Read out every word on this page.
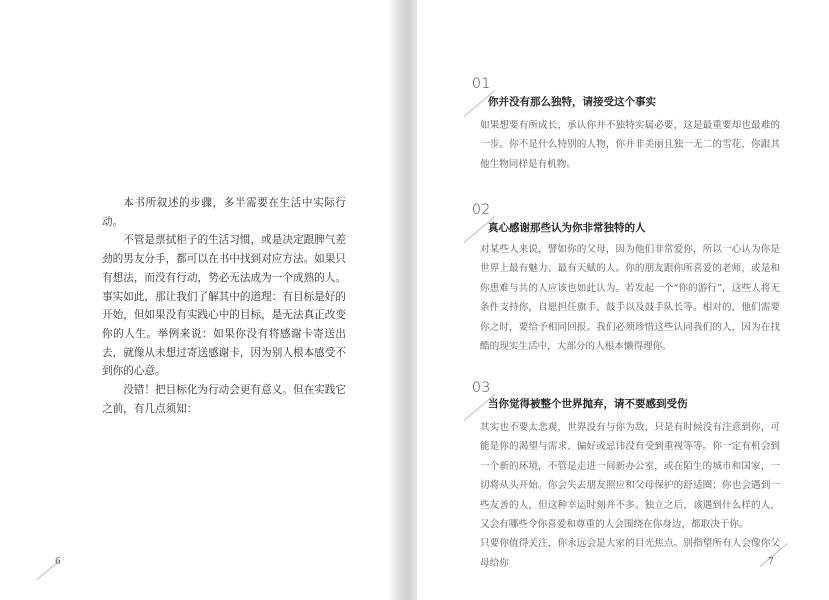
本书所叙述的步骤，多半需要在生活中实际行动。

不管是票拭柜子的生活习惯，或是决定跟脾气差劲的男友分手，都可以在书中找到对应方法。如果只有想法，而没有行动，势必无法成为一个成熟的人。事实如此，那让我们了解其中的道理：有目标是好的开始，但如果没有实践心中的目标，是无法真正改变你的人生。举例来说：如果你没有将感谢卡寄送出去，就像从未想过寄送感谢卡，因为别人根本感受不到你的心意。

没错！把目标化为行动会更有意义。但在实践它之前，有几点须知：

6
01
你并没有那么独特，请接受这个事实

如果想要有所成长，承认你并不独特实属必要，这是最重要却也最难的一步。你不是什么特别的人物，你并非美丽且独一无二的雪花，你跟其他生物同样是有机物。

02
真心感谢那些认为你非常独特的人

对某些人来说，譬如你的父母，因为他们非常爱你，所以一心认为你是世界上最有魅力、最有天赋的人。你的朋友跟你所喜爱的老师，或是和你患难与共的人应该也如此认为。若发起一个“你的游行”，这些人将无条件支持你，自愿担任旗手、鼓手以及鼓手队长等。相对的，他们需要你之时，要给予相同回报。我们必须珍惜这些认同我们的人，因为在找酷的现实生活中，大部分的人根本懒得理你。

03
当你觉得被整个世界抛弃，请不要感到受伤

其实也不要太悲观，世界没有与你为敌，只是有时候没有注意到你，可能是你的渴望与需求、偏好或忌讳没有受到重视等等。你一定有机会到一个新的环境，不管是走进一间新办公室，或在陌生的城市和国家，一切将从头开始。你会失去朋友照应和父母保护的舒适圈；你也会遇到一些友善的人，但这种幸运时刻并不多。独立之后，该遇到什么样的人，又会有哪些令你喜爱和尊重的人会围绕在你身边，都取决于你。

只要你值得关注，你永远会是大家的目光焦点。别指望所有人会像你父母给你	7
